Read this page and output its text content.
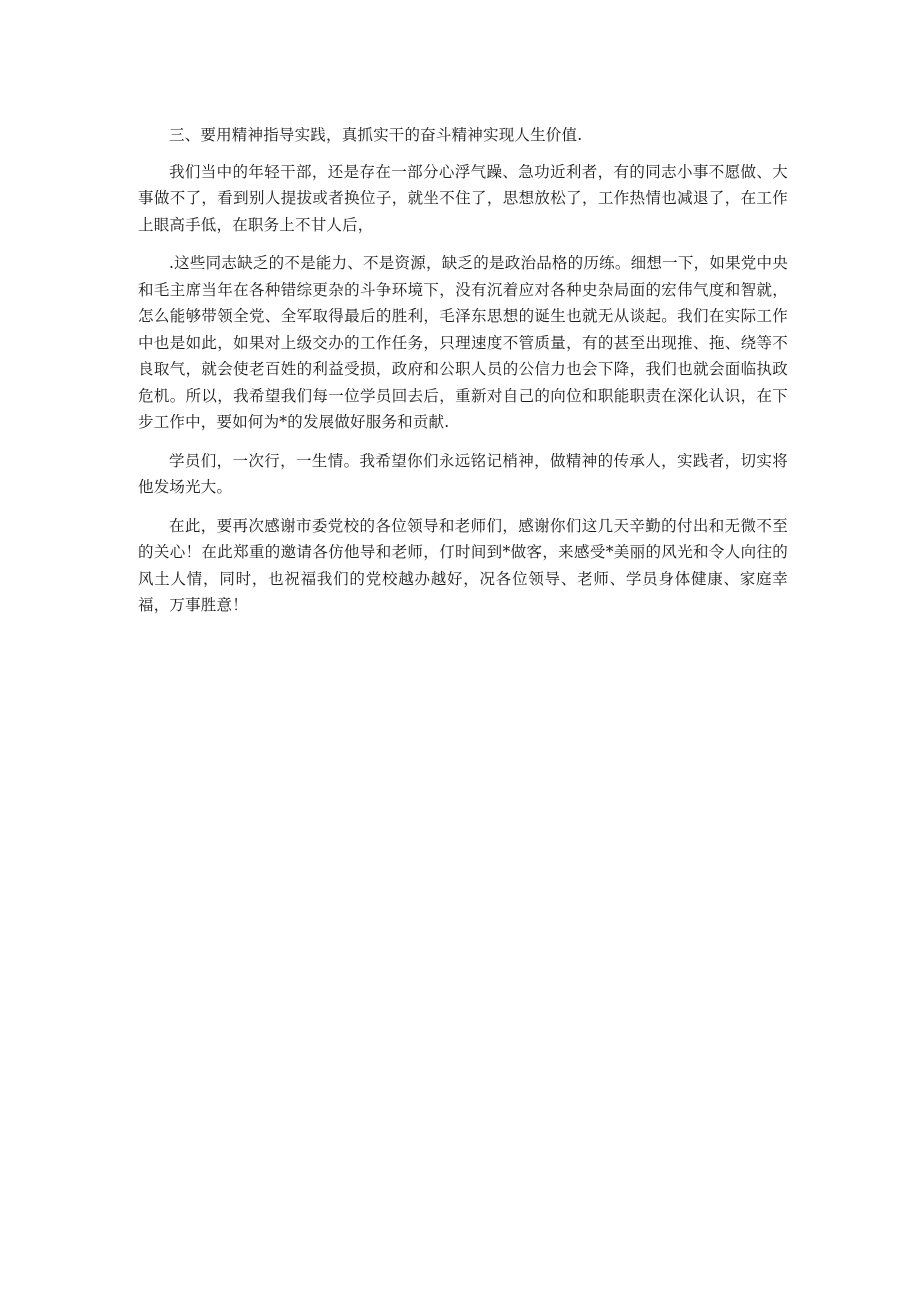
三、要用精神指导实践，真抓实干的奋斗精神实现人生价值.

我们当中的年轻干部，还是存在一部分心浮气躁、急功近利者，有的同志小事不愿做、大事做不了，看到别人提拔或者换位子，就坐不住了，思想放松了，工作热情也减退了，在工作上眼高手低，在职务上不甘人后，

.这些同志缺乏的不是能力、不是资源，缺乏的是政治品格的历练。细想一下，如果党中央和毛主席当年在各种错综更杂的斗争环境下，没有沉着应对各种史杂局面的宏伟气度和智就，怎么能够带领全党、全军取得最后的胜利，毛泽东思想的诞生也就无从谈起。我们在实际工作中也是如此，如果对上级交办的工作任务，只理速度不管质量，有的甚至出现推、拖、绕等不良取气，就会使老百姓的利益受损，政府和公职人员的公信力也会下降，我们也就会面临执政危机。所以，我希望我们每一位学员回去后，重新对自己的向位和职能职责在深化认识，在下步工作中，要如何为*的发展做好服务和贡献.

学员们，一次行，一生情。我希望你们永远铭记梢神，做精神的传承人，实践者，切实将他发场光大。

在此，要再次感谢市委党校的各位领导和老师们，感谢你们这几天辛勤的付出和无微不至的关心！在此郑重的邀请各仿他导和老师，仃时间到*做客，来感受*美丽的风光和令人向往的风土人情，同时，也祝福我们的党校越办越好，况各位领导、老师、学员身体健康、家庭幸福，万事胜意！
